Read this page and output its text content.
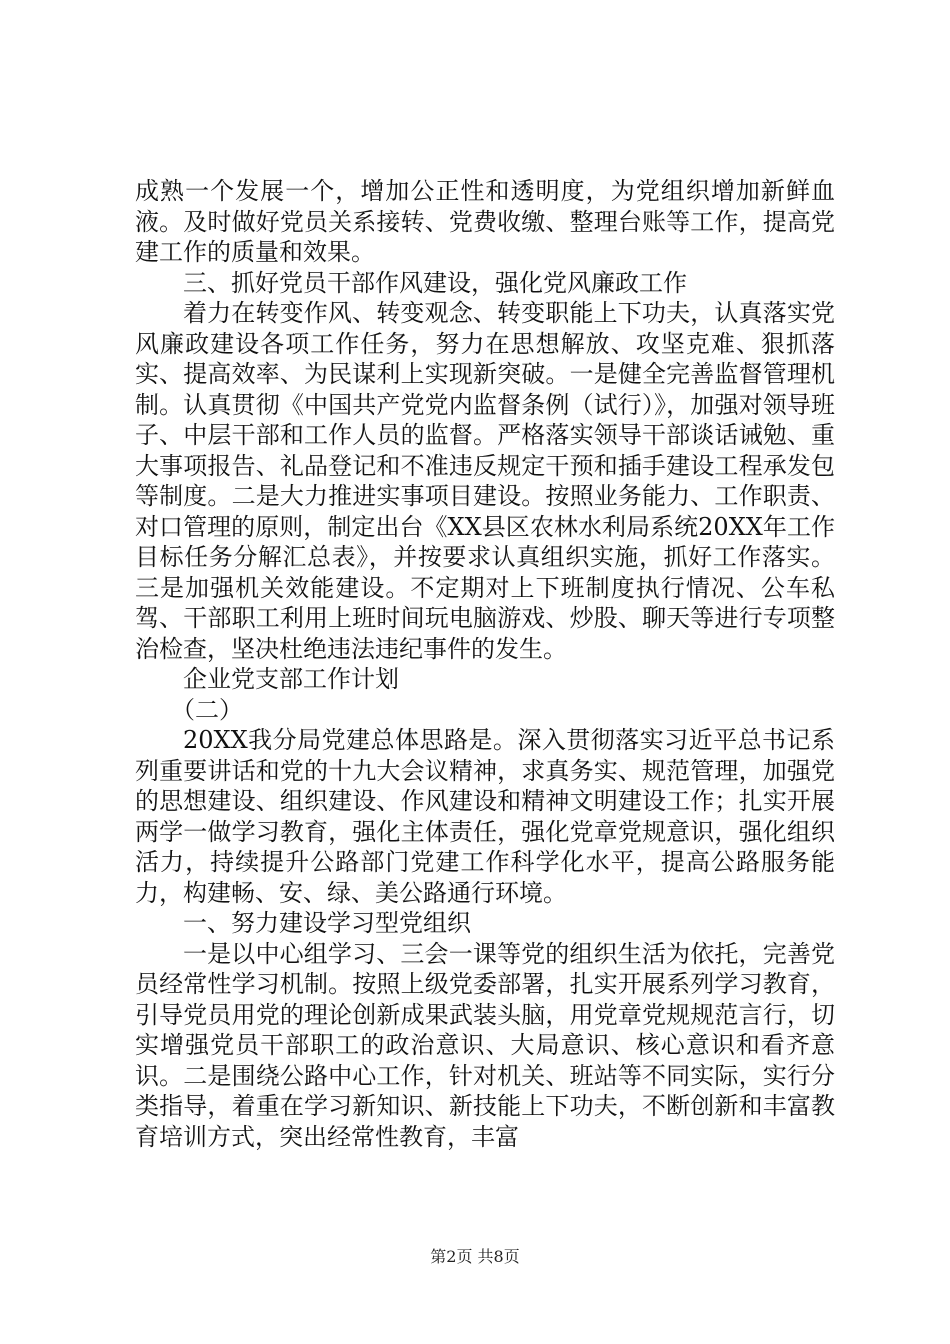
成熟一个发展一个，增加公正性和透明度，为党组织增加新鲜血液。及时做好党员关系接转、党费收缴、整理台账等工作，提高党建工作的质量和效果。

三、抓好党员干部作风建设，强化党风廉政工作

着力在转变作风、转变观念、转变职能上下功夫，认真落实党风廉政建设各项工作任务，努力在思想解放、攻坚克难、狠抓落实、提高效率、为民谋利上实现新突破。一是健全完善监督管理机制。认真贯彻《中国共产党党内监督条例（试行）》，加强对领导班子、中层干部和工作人员的监督。严格落实领导干部谈话诫勉、重大事项报告、礼品登记和不准违反规定干预和插手建设工程承发包等制度。二是大力推进实事项目建设。按照业务能力、工作职责、对口管理的原则，制定出台《XX县区农林水利局系统20XX年工作目标任务分解汇总表》，并按要求认真组织实施，抓好工作落实。三是加强机关效能建设。不定期对上下班制度执行情况、公车私驾、干部职工利用上班时间玩电脑游戏、炒股、聊天等进行专项整治检查，坚决杜绝违法违纪事件的发生。

企业党支部工作计划

（二）

20XX我分局党建总体思路是。深入贯彻落实习近平总书记系列重要讲话和党的十九大会议精神，求真务实、规范管理，加强党的思想建设、组织建设、作风建设和精神文明建设工作；扎实开展两学一做学习教育，强化主体责任，强化党章党规意识，强化组织活力，持续提升公路部门党建工作科学化水平，提高公路服务能力，构建畅、安、绿、美公路通行环境。

一、努力建设学习型党组织

一是以中心组学习、三会一课等党的组织生活为依托，完善党员经常性学习机制。按照上级党委部署，扎实开展系列学习教育，引导党员用党的理论创新成果武装头脑，用党章党规规范言行，切实增强党员干部职工的政治意识、大局意识、核心意识和看齐意识。二是围绕公路中心工作，针对机关、班站等不同实际，实行分类指导，着重在学习新知识、新技能上下功夫，不断创新和丰富教育培训方式，突出经常性教育，丰富

第2页 共8页
